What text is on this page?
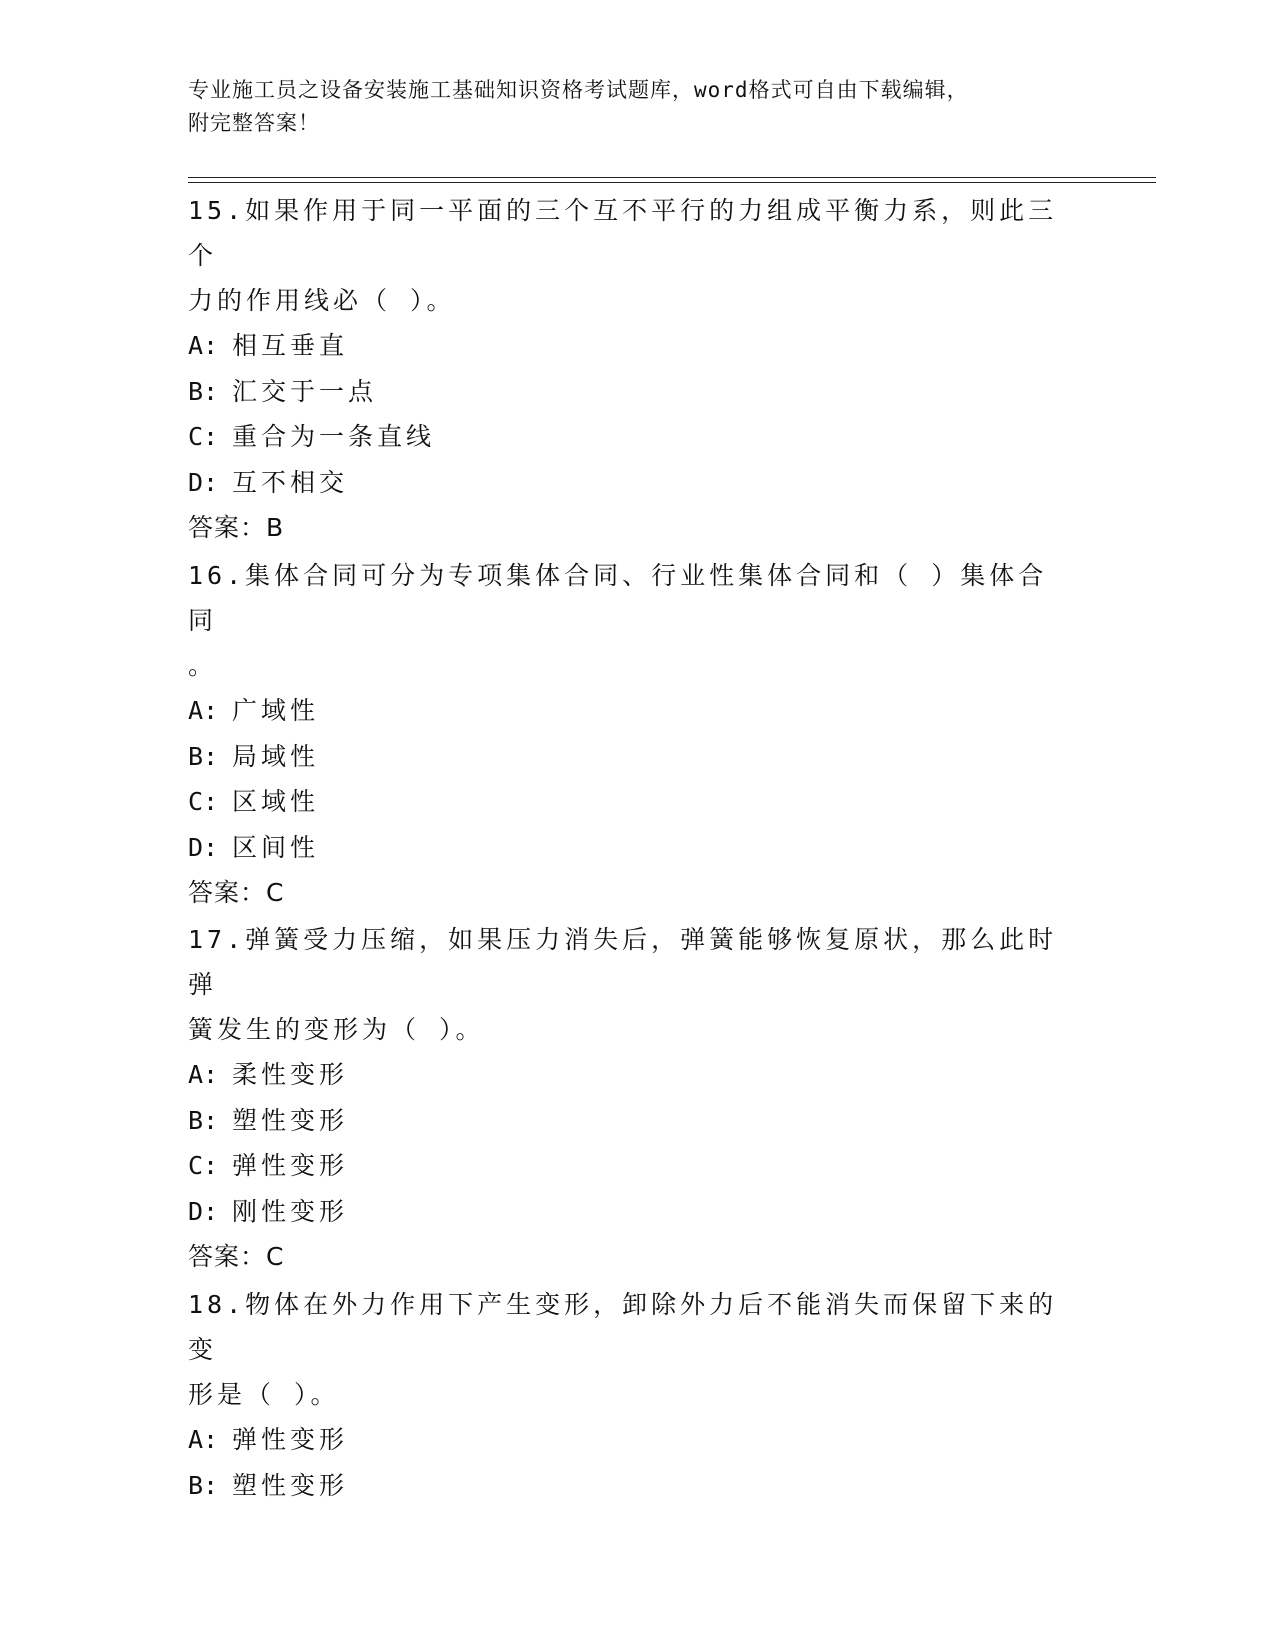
专业施工员之设备安装施工基础知识资格考试题库，word格式可自由下载编辑，
附完整答案！

15.如果作用于同一平面的三个互不平行的力组成平衡力系，则此三个

力的作用线必（ ）。

A: 相互垂直

B: 汇交于一点

C: 重合为一条直线

D: 互不相交

答案：B

16.集体合同可分为专项集体合同、行业性集体合同和（ ）集体合同

。

A: 广域性

B: 局域性

C: 区域性

D: 区间性

答案：C

17.弹簧受力压缩，如果压力消失后，弹簧能够恢复原状，那么此时弹

簧发生的变形为（ ）。

A: 柔性变形

B: 塑性变形

C: 弹性变形

D: 刚性变形

答案：C

18.物体在外力作用下产生变形，卸除外力后不能消失而保留下来的变

形是（ ）。

A: 弹性变形

B: 塑性变形
